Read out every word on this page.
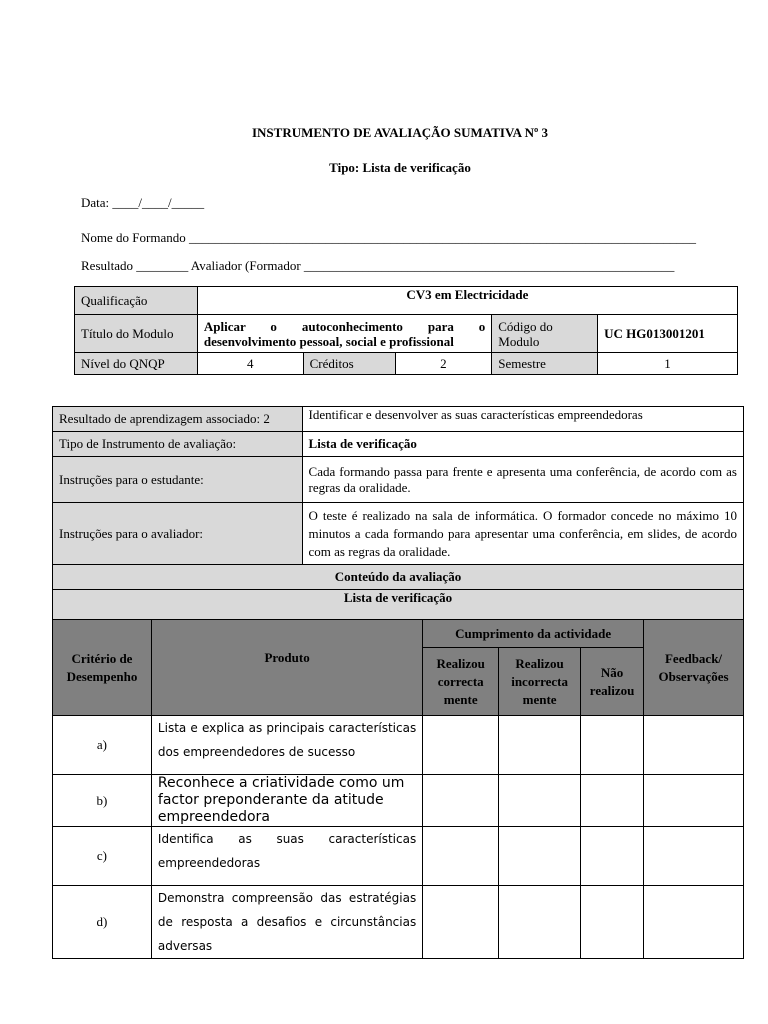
INSTRUMENTO DE AVALIAÇÃO SUMATIVA Nº 3
Tipo: Lista de verificação
Data: ____/____/_____
Nome do Formando ______________________________________________________________________________
Resultado ________ Avaliador (Formador _________________________________________________________
Qualificação	CV3 em Electricidade				
Título do Modulo	Aplicar o autoconhecimento para o desenvolvimento pessoal, social e profissional			Código do Modulo	UC HG013001201
Nível do QNQP	4	Créditos	2	Semestre	1
Resultado de aprendizagem associado: 2		Identificar e desenvolver as suas características empreendedoras				
Tipo de Instrumento de avaliação:		Lista de verificação				
Instruções para o estudante:		Cada formando passa para frente e apresenta uma conferência, de acordo com as regras da oralidade.				
Instruções para o avaliador:		O teste é realizado na sala de informática. O formador concede no máximo 10 minutos a cada formando para apresentar uma conferência, em slides, de acordo com as regras da oralidade.				
Conteúdo da avaliação						
Lista de verificação						
Critério de Desempenho	Produto		Cumprimento da actividade			Feedback/ Observações
			Realizou correcta mente	Realizou incorrecta mente	Não realizou	
a)	Lista e explica as principais características dos empreendedores de sucesso					
b)	Reconhece a criatividade como um factor preponderante da atitude empreendedora					
c)	Identifica as suas características empreendedoras					
d)	Demonstra compreensão das estratégias de resposta a desafios e circunstâncias adversas					
